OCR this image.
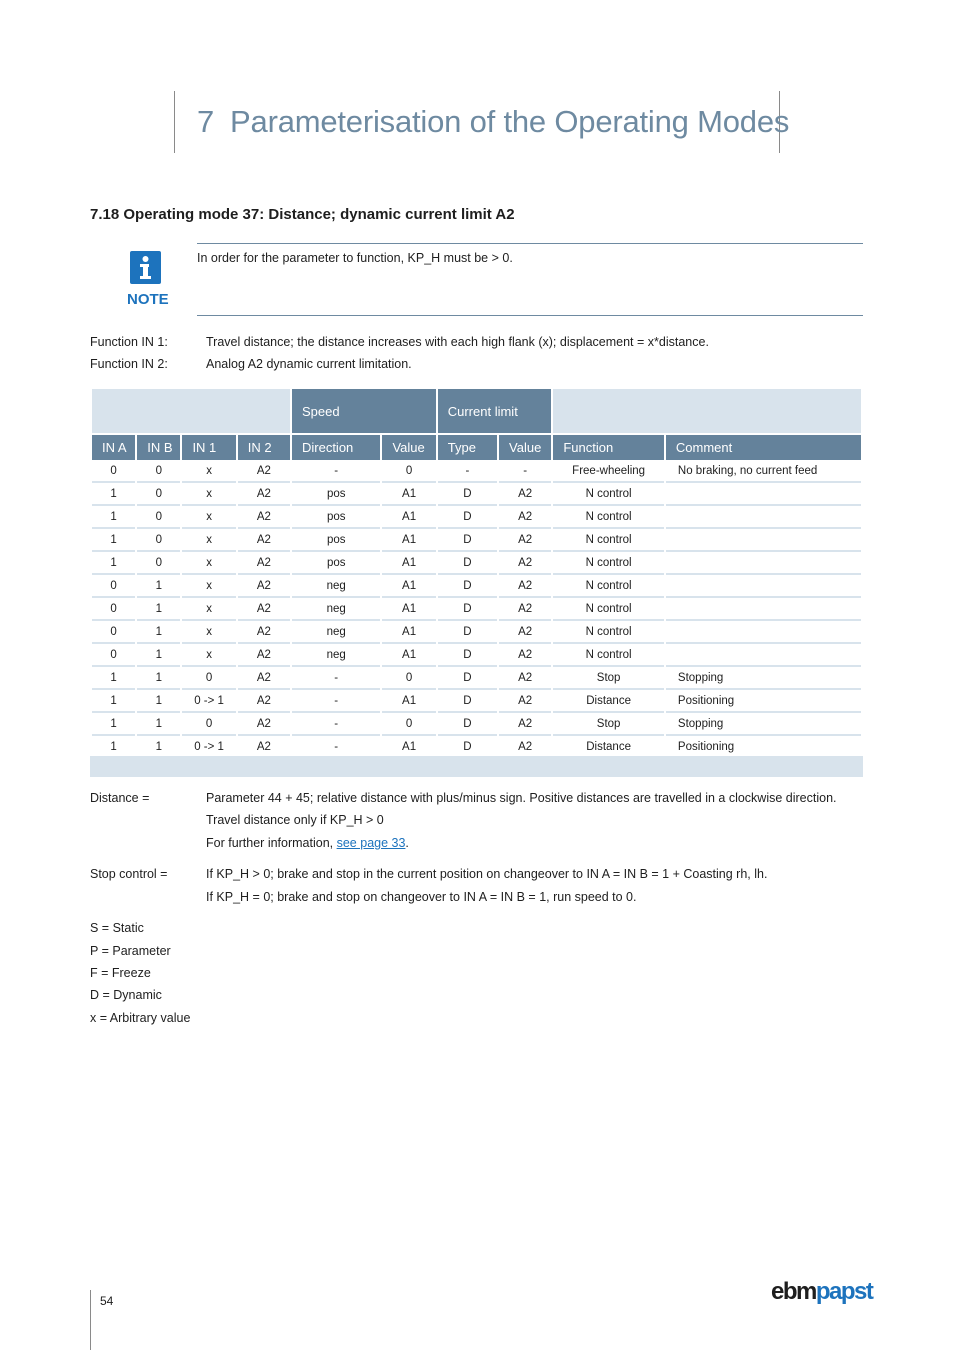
7 Parameterisation of the Operating Modes
7.18 Operating mode 37: Distance; dynamic current limit A2
NOTE
In order for the parameter to function, KP_H must be > 0.
Function IN 1:	Travel distance; the distance increases with each high flank (x); displacement = x*distance.
Function IN 2:	Analog A2 dynamic current limitation.
				Speed		Current limit			
IN A	IN B	IN 1	IN 2	Direction	Value	Type	Value	Function	Comment
0	0	x	A2	-	0	-	-	Free-wheeling	No braking, no current feed
1	0	x	A2	pos	A1	D	A2	N control	
1	0	x	A2	pos	A1	D	A2	N control	
1	0	x	A2	pos	A1	D	A2	N control	
1	0	x	A2	pos	A1	D	A2	N control	
0	1	x	A2	neg	A1	D	A2	N control	
0	1	x	A2	neg	A1	D	A2	N control	
0	1	x	A2	neg	A1	D	A2	N control	
0	1	x	A2	neg	A1	D	A2	N control	
1	1	0	A2	-	0	D	A2	Stop	Stopping
1	1	0 -> 1	A2	-	A1	D	A2	Distance	Positioning
1	1	0	A2	-	0	D	A2	Stop	Stopping
1	1	0 -> 1	A2	-	A1	D	A2	Distance	Positioning
Distance =	Parameter 44 + 45; relative distance with plus/minus sign. Positive distances are travelled in a clockwise direction.
Travel distance only if KP_H > 0
For further information, see page 33.
Stop control =	If KP_H > 0; brake and stop in the current position on changeover to IN A = IN B = 1 + Coasting rh, lh.
If KP_H = 0; brake and stop on changeover to IN A = IN B = 1, run speed to 0.
S = Static
P = Parameter
F = Freeze
D = Dynamic
x = Arbitrary value
54	ebmpapst
